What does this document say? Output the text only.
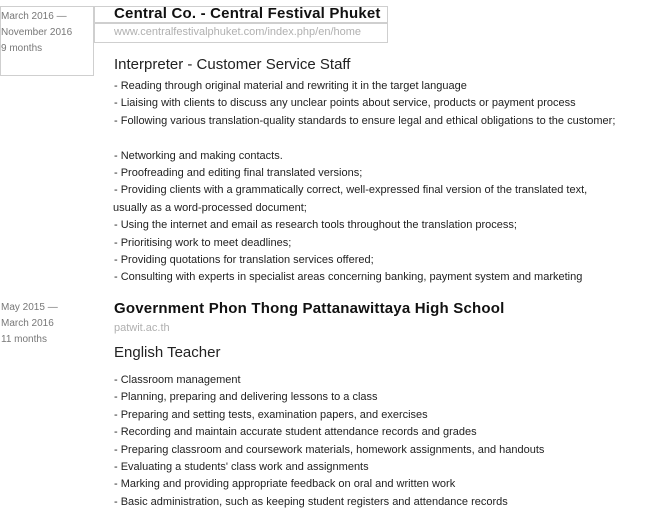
March 2016 —
November 2016
9 months
Central Co. - Central Festival Phuket
www.centralfestivalphuket.com/index.php/en/home
Interpreter - Customer Service Staff
- Reading through original material and rewriting it in the target language
- Liaising with clients to discuss any unclear points about service, products or payment process
- Following various translation-quality standards to ensure legal and ethical obligations to the customer;
- Networking and making contacts.
- Proofreading and editing final translated versions;
- Providing clients with a grammatically correct, well-expressed final version of the translated text,
usually as a word-processed document;
- Using the internet and email as research tools throughout the translation process;
- Prioritising work to meet deadlines;
- Providing quotations for translation services offered;
- Consulting with experts in specialist areas concerning banking, payment system and marketing
May 2015 —
March 2016
11 months
Government Phon Thong Pattanawittaya High School
patwit.ac.th
English Teacher
- Classroom management
- Planning, preparing and delivering lessons to a class
- Preparing and setting tests, examination papers, and exercises
- Recording and maintain accurate student attendance records and grades
- Preparing classroom and coursework materials, homework assignments, and handouts
- Evaluating a students' class work and assignments
- Marking and providing appropriate feedback on oral and written work
- Basic administration, such as keeping student registers and attendance records
